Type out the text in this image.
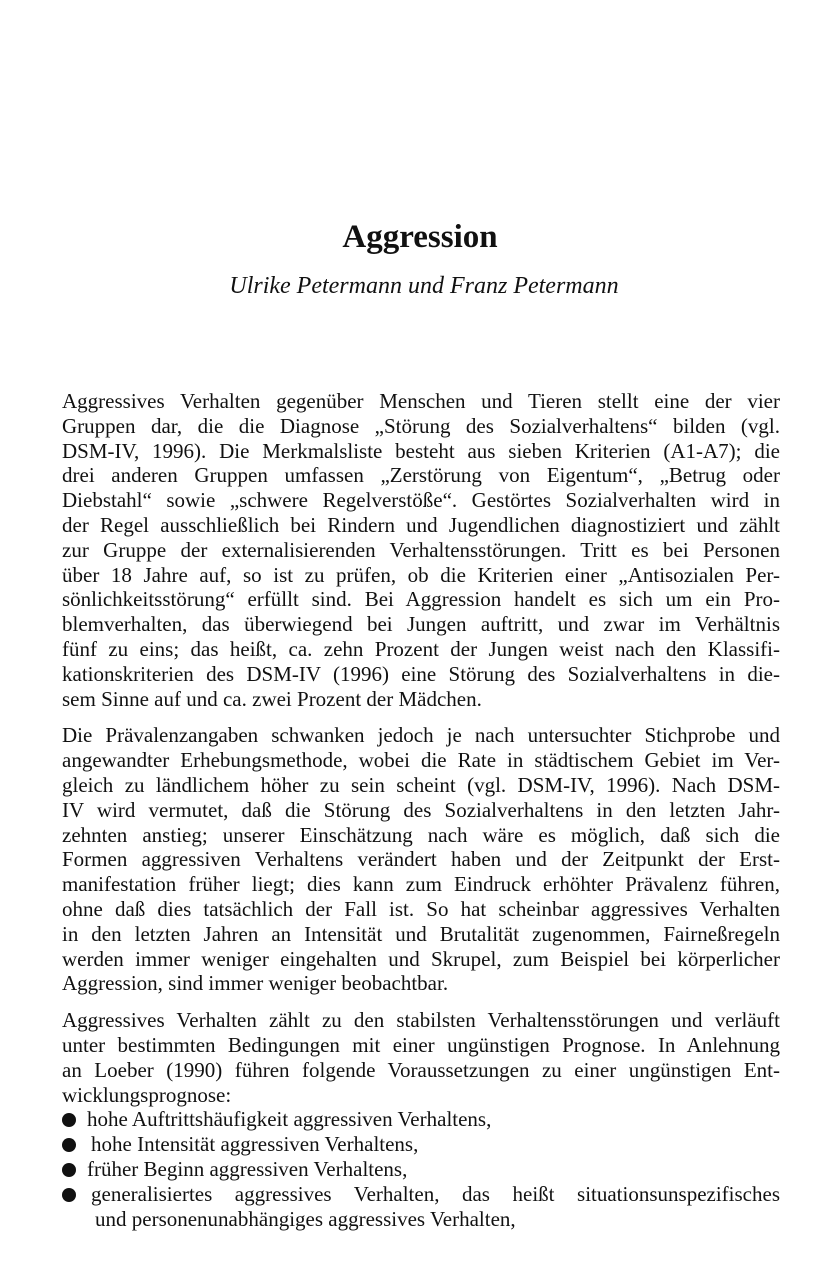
Aggression
Ulrike Petermann und Franz Petermann
Aggressives Verhalten gegenüber Menschen und Tieren stellt eine der vier
Gruppen dar, die die Diagnose „Störung des Sozialverhaltens“ bilden (vgl.
DSM-IV, 1996). Die Merkmalsliste besteht aus sieben Kriterien (A1-A7); die
drei anderen Gruppen umfassen „Zerstörung von Eigentum“, „Betrug oder
Diebstahl“ sowie „schwere Regelverstöße“. Gestörtes Sozialverhalten wird in
der Regel ausschließlich bei Rindern und Jugendlichen diagnostiziert und zählt
zur Gruppe der externalisierenden Verhaltensstörungen. Tritt es bei Personen
über 18 Jahre auf, so ist zu prüfen, ob die Kriterien einer „Antisozialen Per-
sönlichkeitsstörung“ erfüllt sind. Bei Aggression handelt es sich um ein Pro-
blemverhalten, das überwiegend bei Jungen auftritt, und zwar im Verhältnis
fünf zu eins; das heißt, ca. zehn Prozent der Jungen weist nach den Klassifi-
kationskriterien des DSM-IV (1996) eine Störung des Sozialverhaltens in die-
sem Sinne auf und ca. zwei Prozent der Mädchen.
Die Prävalenzangaben schwanken jedoch je nach untersuchter Stichprobe und
angewandter Erhebungsmethode, wobei die Rate in städtischem Gebiet im Ver-
gleich zu ländlichem höher zu sein scheint (vgl. DSM-IV, 1996). Nach DSM-
IV wird vermutet, daß die Störung des Sozialverhaltens in den letzten Jahr-
zehnten anstieg; unserer Einschätzung nach wäre es möglich, daß sich die
Formen aggressiven Verhaltens verändert haben und der Zeitpunkt der Erst-
manifestation früher liegt; dies kann zum Eindruck erhöhter Prävalenz führen,
ohne daß dies tatsächlich der Fall ist. So hat scheinbar aggressives Verhalten
in den letzten Jahren an Intensität und Brutalität zugenommen, Fairneßregeln
werden immer weniger eingehalten und Skrupel, zum Beispiel bei körperlicher
Aggression, sind immer weniger beobachtbar.
Aggressives Verhalten zählt zu den stabilsten Verhaltensstörungen und verläuft
unter bestimmten Bedingungen mit einer ungünstigen Prognose. In Anlehnung
an Loeber (1990) führen folgende Voraussetzungen zu einer ungünstigen Ent-
wicklungsprognose:
hohe Auftrittshäufigkeit aggressiven Verhaltens,
hohe Intensität aggressiven Verhaltens,
früher Beginn aggressiven Verhaltens,
generalisiertes aggressives Verhalten, das heißt situationsunspezifisches
und personenunabhängiges aggressives Verhalten,
